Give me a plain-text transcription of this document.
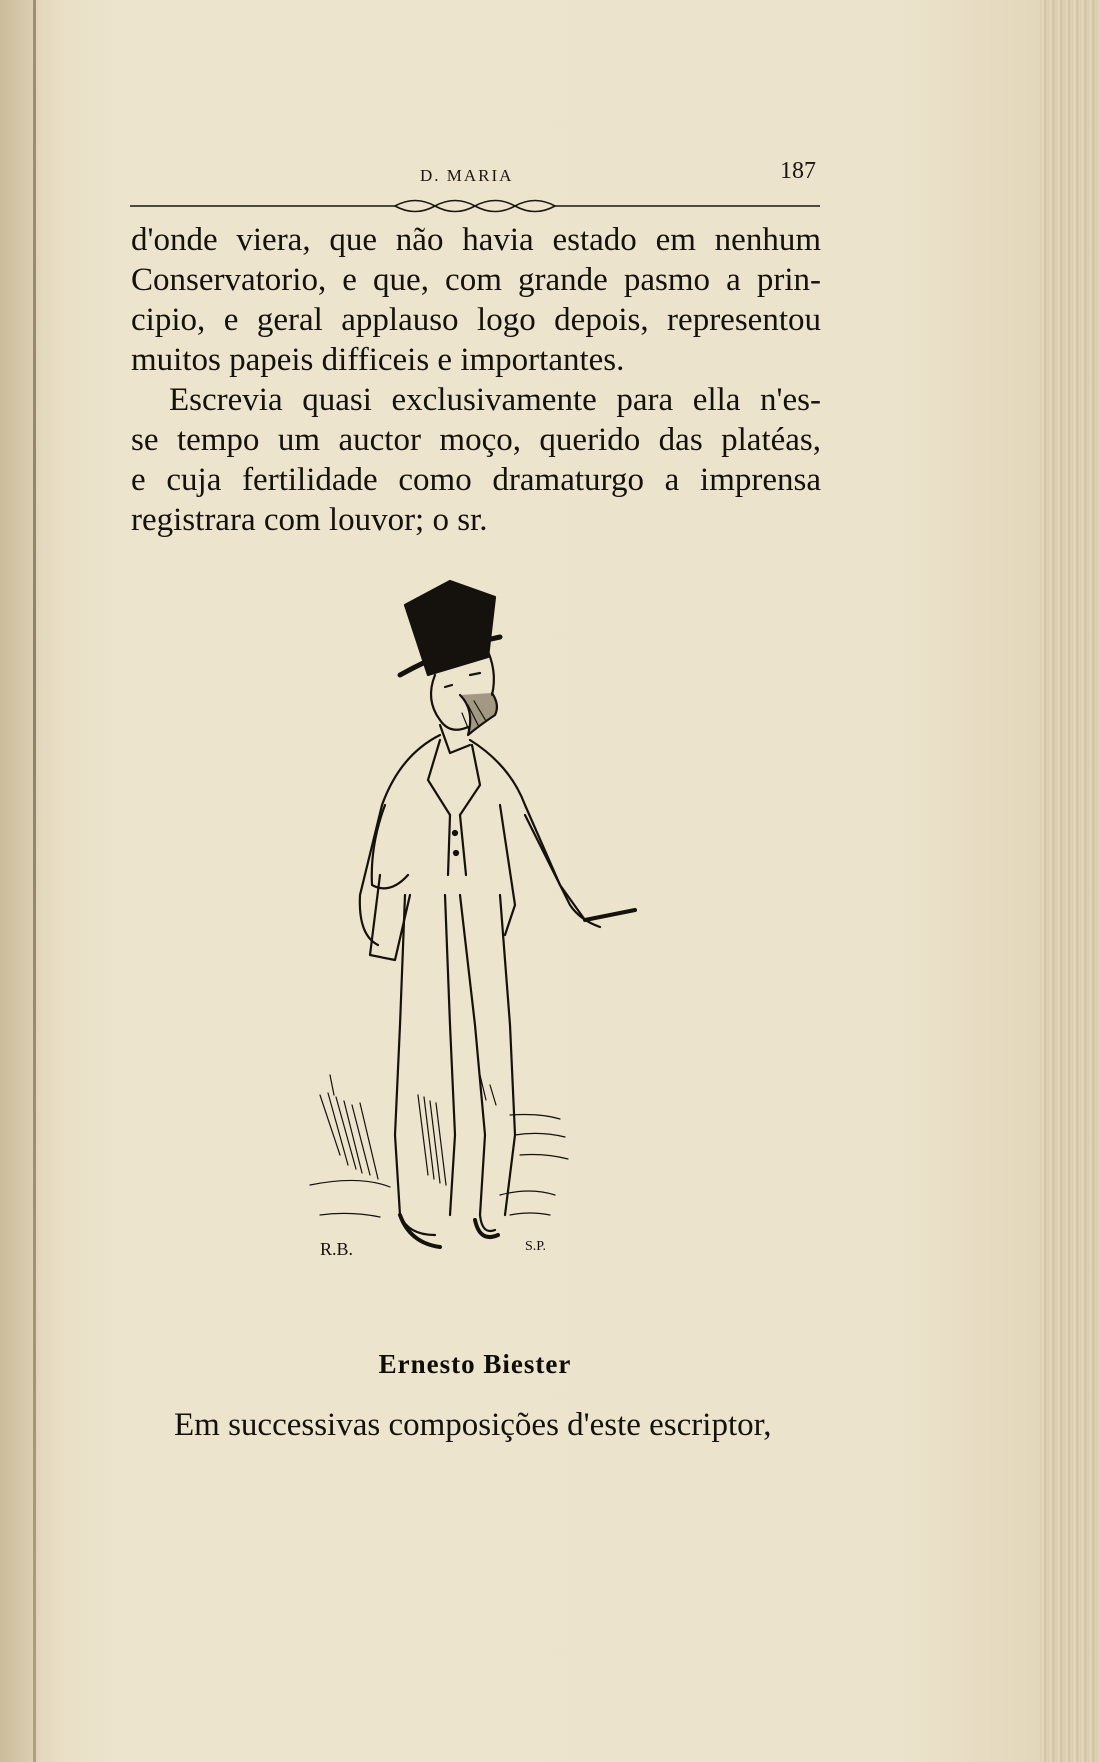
D. MARIA	187
d'onde viera, que não havia estado em nenhum
Conservatorio, e que, com grande pasmo a prin-
cipio, e geral applauso logo depois, representou
muitos papeis difficeis e importantes.
Escrevia quasi exclusivamente para ella n'es-
se tempo um auctor moço, querido das platéas,
e cuja fertilidade como dramaturgo a imprensa
registrara com louvor; o sr.
R.B.	S.P.
Ernesto Biester
Em successivas composições d'este escriptor,
